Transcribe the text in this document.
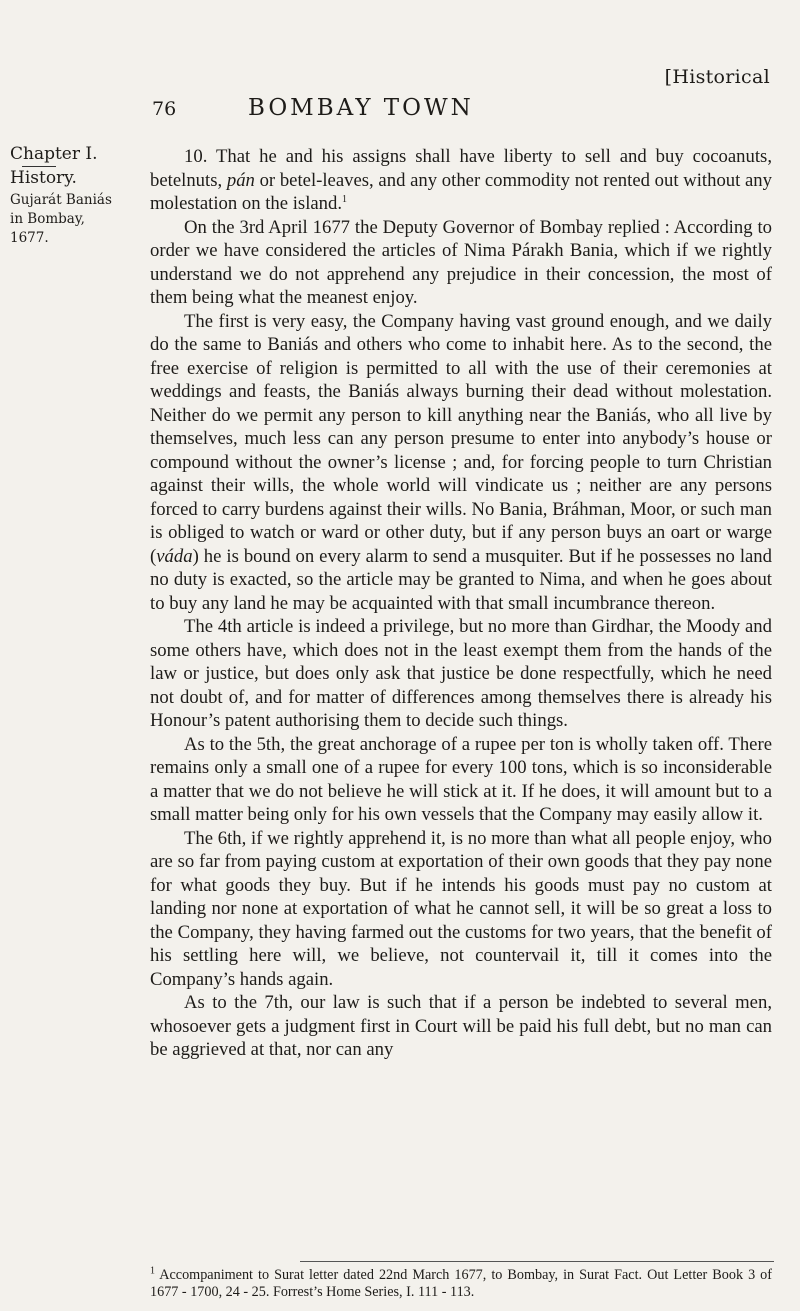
[Historical
76	BOMBAY TOWN
Chapter I.
History.
Gujarát Baniás
in Bombay,
1677.

10. That he and his assigns shall have liberty to sell and buy cocoanuts, betelnuts, pán or betel-leaves, and any other commodity not rented out without any molestation on the island.$^1$

On the 3rd April 1677 the Deputy Governor of Bombay replied : According to order we have considered the articles of Nima Párakh Bania, which if we rightly understand we do not apprehend any prejudice in their concession, the most of them being what the meanest enjoy.

The first is very easy, the Company having vast ground enough, and we daily do the same to Baniás and others who come to inhabit here. As to the second, the free exercise of religion is permitted to all with the use of their ceremonies at weddings and feasts, the Baniás always burning their dead without molestation. Neither do we permit any person to kill anything near the Baniás, who all live by themselves, much less can any person presume to enter into anybody’s house or compound without the owner’s license ; and, for forcing people to turn Christian against their wills, the whole world will vindicate us ; neither are any persons forced to carry burdens against their wills. No Bania, Bráhman, Moor, or such man is obliged to watch or ward or other duty, but if any person buys an oart or warge (váda) he is bound on every alarm to send a musquiter. But if he possesses no land no duty is exacted, so the article may be granted to Nima, and when he goes about to buy any land he may be acquainted with that small incumbrance thereon.

The 4th article is indeed a privilege, but no more than Girdhar, the Moody and some others have, which does not in the least exempt them from the hands of the law or justice, but does only ask that justice be done respectfully, which he need not doubt of, and for matter of differences among themselves there is already his Honour’s patent authorising them to decide such things.

As to the 5th, the great anchorage of a rupee per ton is wholly taken off. There remains only a small one of a rupee for every 100 tons, which is so inconsiderable a matter that we do not believe he will stick at it. If he does, it will amount but to a small matter being only for his own vessels that the Company may easily allow it.

The 6th, if we rightly apprehend it, is no more than what all people enjoy, who are so far from paying custom at exportation of their own goods that they pay none for what goods they buy. But if he intends his goods must pay no custom at landing nor none at exportation of what he cannot sell, it will be so great a loss to the Company, they having farmed out the customs for two years, that the benefit of his settling here will, we believe, not countervail it, till it comes into the Company’s hands again.

As to the 7th, our law is such that if a person be indebted to several men, whosoever gets a judgment first in Court will be paid his full debt, but no man can be aggrieved at that, nor can any

$^1$ Accompaniment to Surat letter dated 22nd March 1677, to Bombay, in Surat Fact. Out Letter Book 3 of 1677 - 1700, 24 - 25. Forrest’s Home Series, I. 111 - 113.
